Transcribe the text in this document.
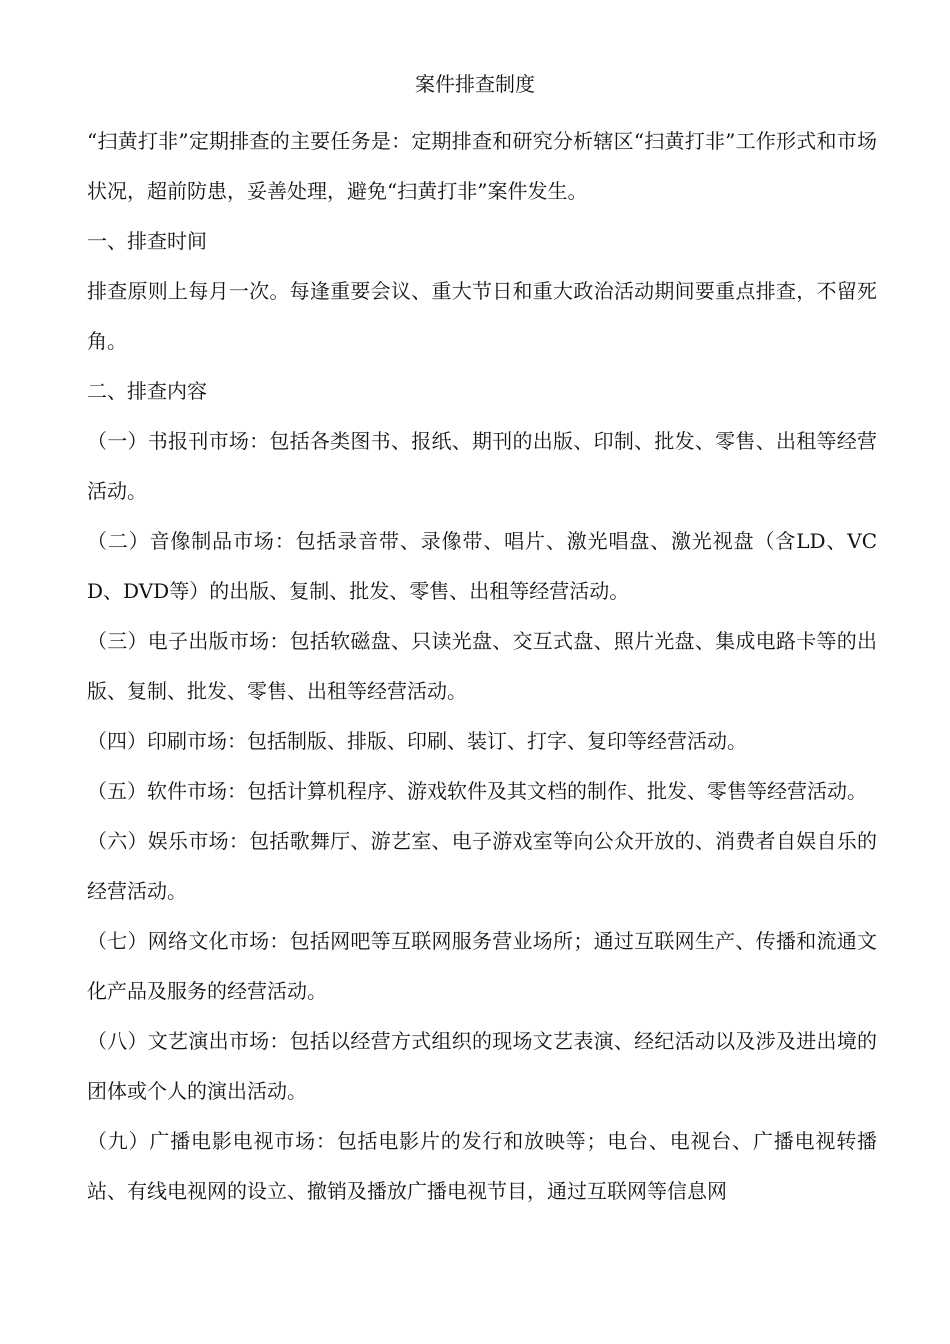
案件排查制度

“扫黄打非”定期排查的主要任务是：定期排查和研究分析辖区“扫黄打非”工作形式和市场状况，超前防患，妥善处理，避免“扫黄打非”案件发生。

一、排查时间

排查原则上每月一次。每逢重要会议、重大节日和重大政治活动期间要重点排查，不留死角。

二、排查内容

（一）书报刊市场：包括各类图书、报纸、期刊的出版、印制、批发、零售、出租等经营活动。

（二）音像制品市场：包括录音带、录像带、唱片、激光唱盘、激光视盘（含LD、VCD、DVD等）的出版、复制、批发、零售、出租等经营活动。

（三）电子出版市场：包括软磁盘、只读光盘、交互式盘、照片光盘、集成电路卡等的出版、复制、批发、零售、出租等经营活动。

（四）印刷市场：包括制版、排版、印刷、装订、打字、复印等经营活动。

（五）软件市场：包括计算机程序、游戏软件及其文档的制作、批发、零售等经营活动。

（六）娱乐市场：包括歌舞厅、游艺室、电子游戏室等向公众开放的、消费者自娱自乐的经营活动。

（七）网络文化市场：包括网吧等互联网服务营业场所；通过互联网生产、传播和流通文化产品及服务的经营活动。

（八）文艺演出市场：包括以经营方式组织的现场文艺表演、经纪活动以及涉及进出境的团体或个人的演出活动。

（九）广播电影电视市场：包括电影片的发行和放映等；电台、电视台、广播电视转播站、有线电视网的设立、撤销及播放广播电视节目，通过互联网等信息网
